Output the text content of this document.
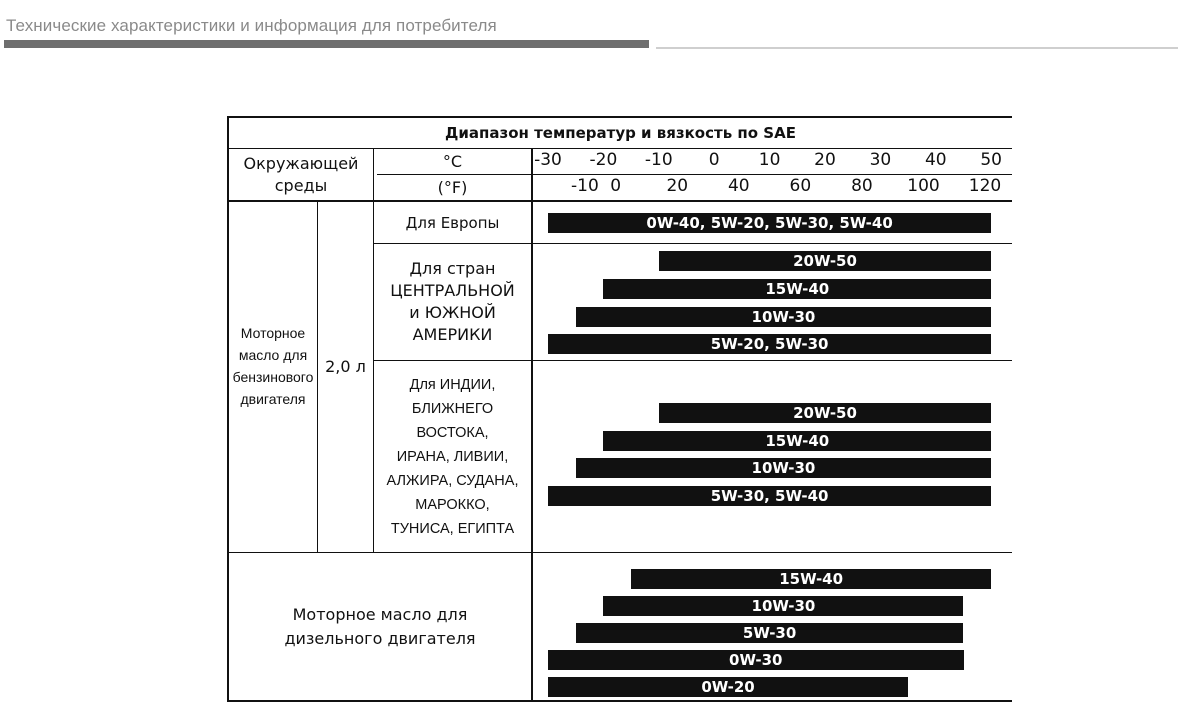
Технические характеристики и информация для потребителя
Диапазон температур и вязкость по SAE
Окружающей
среды
°C
(°F)
Моторное
масло для
бензинового
двигателя
2,0 л
Моторное масло для
дизельного двигателя
Для Европы
Для стран
ЦЕНТРАЛЬНОЙ
и ЮЖНОЙ
АМЕРИКИ
Для ИНДИИ,
БЛИЖНЕГО
ВОСТОКА,
ИРАНА, ЛИВИИ,
АЛЖИРА, СУДАНА,
МАРОККО,
ТУНИСА, ЕГИПТА
-30 -20 -10 0 10 20 30 40 50
-10 0	20 40 60 80 100 120
0W-40, 5W-20, 5W-30, 5W-40
20W-50
15W-40
10W-30
5W-20, 5W-30
20W-50
15W-40
10W-30
5W-30, 5W-40
15W-40
10W-30
5W-30
0W-30
0W-20
